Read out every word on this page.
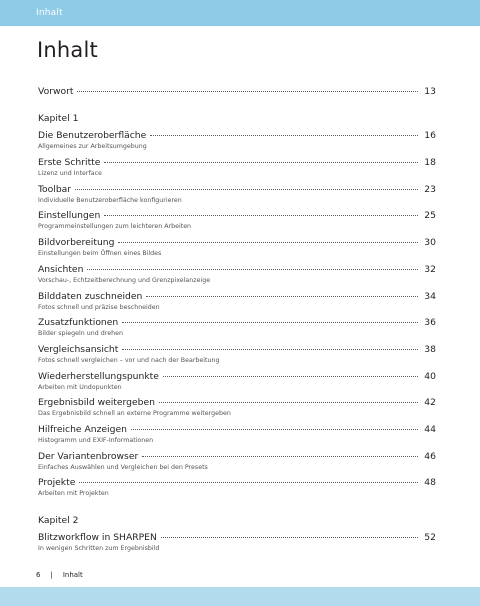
Inhalt
Inhalt
Vorwort	13
Kapitel 1
Die Benutzeroberfläche	16
Allgemeines zur Arbeitsumgebung
Erste Schritte	18
Lizenz und Interface
Toolbar	23
Individuelle Benutzeroberfläche konfigurieren
Einstellungen	25
Programmeinstellungen zum leichteren Arbeiten
Bildvorbereitung	30
Einstellungen beim Öffnen eines Bildes
Ansichten	32
Vorschau-, Echtzeitberechnung und Grenzpixelanzeige
Bilddaten zuschneiden	34
Fotos schnell und präzise beschneiden
Zusatzfunktionen	36
Bilder spiegeln und drehen
Vergleichsansicht	38
Fotos schnell vergleichen – vor und nach der Bearbeitung
Wiederherstellungspunkte	40
Arbeiten mit Undopunkten
Ergebnisbild weitergeben	42
Das Ergebnisbild schnell an externe Programme weitergeben
Hilfreiche Anzeigen	44
Histogramm und EXIF-Informationen
Der Variantenbrowser	46
Einfaches Auswählen und Vergleichen bei den Presets
Projekte	48
Arbeiten mit Projekten
Kapitel 2
Blitzworkflow in SHARPEN	52
In wenigen Schritten zum Ergebnisbild
6 | Inhalt
